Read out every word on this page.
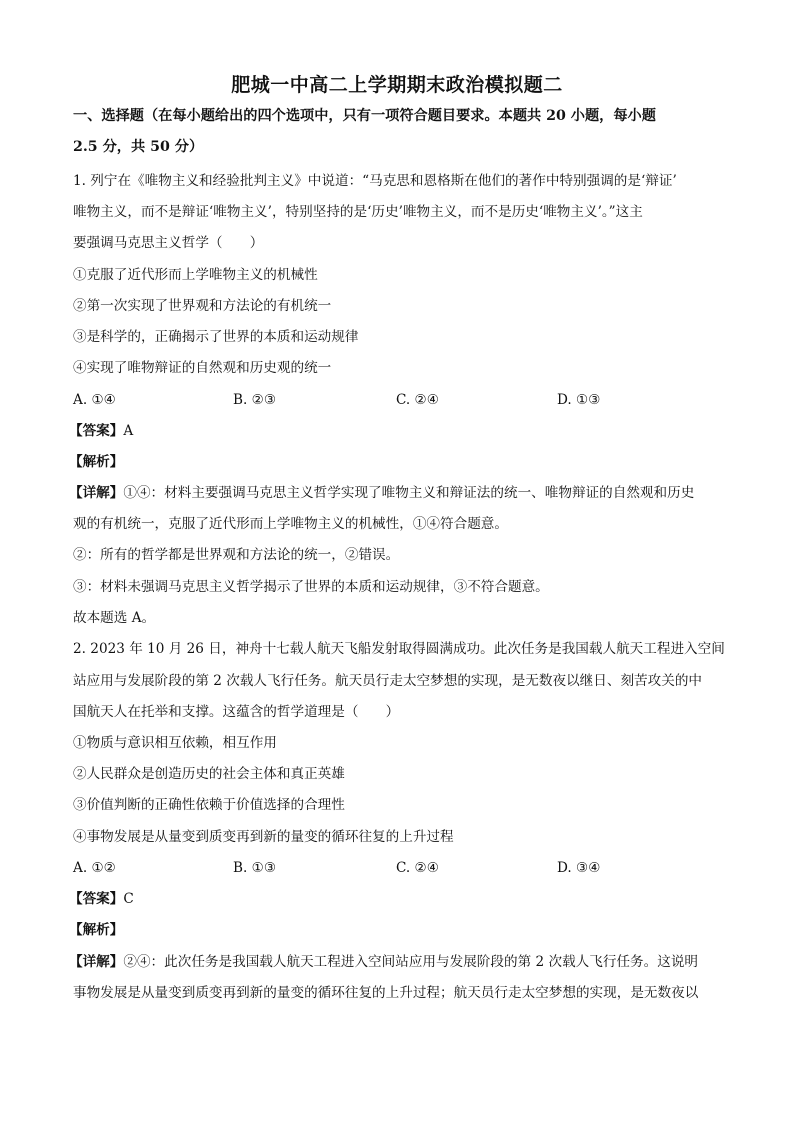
肥城一中高二上学期期末政治模拟题二
一、选择题（在每小题给出的四个选项中，只有一项符合题目要求。本题共 20 小题，每小题
2.5 分，共 50 分）
1. 列宁在《唯物主义和经验批判主义》中说道：“马克思和恩格斯在他们的著作中特别强调的是‘辩证’
唯物主义，而不是辩证‘唯物主义’，特别坚持的是‘历史’唯物主义，而不是历史‘唯物主义’。”这主
要强调马克思主义哲学（　　）
①克服了近代形而上学唯物主义的机械性
②第一次实现了世界观和方法论的有机统一
③是科学的，正确揭示了世界的本质和运动规律
④实现了唯物辩证的自然观和历史观的统一
A. ①④	B. ②③	C. ②④	D. ①③
【答案】A
【解析】
【详解】①④：材料主要强调马克思主义哲学实现了唯物主义和辩证法的统一、唯物辩证的自然观和历史
观的有机统一，克服了近代形而上学唯物主义的机械性，①④符合题意。
②：所有的哲学都是世界观和方法论的统一，②错误。
③：材料未强调马克思主义哲学揭示了世界的本质和运动规律，③不符合题意。
故本题选 A。
2. 2023 年 10 月 26 日，神舟十七载人航天飞船发射取得圆满成功。此次任务是我国载人航天工程进入空间
站应用与发展阶段的第 2 次载人飞行任务。航天员行走太空梦想的实现，是无数夜以继日、刻苦攻关的中
国航天人在托举和支撑。这蕴含的哲学道理是（　　）
①物质与意识相互依赖，相互作用
②人民群众是创造历史的社会主体和真正英雄
③价值判断的正确性依赖于价值选择的合理性
④事物发展是从量变到质变再到新的量变的循环往复的上升过程
A. ①②	B. ①③	C. ②④	D. ③④
【答案】C
【解析】
【详解】②④：此次任务是我国载人航天工程进入空间站应用与发展阶段的第 2 次载人飞行任务。这说明
事物发展是从量变到质变再到新的量变的循环往复的上升过程；航天员行走太空梦想的实现，是无数夜以
